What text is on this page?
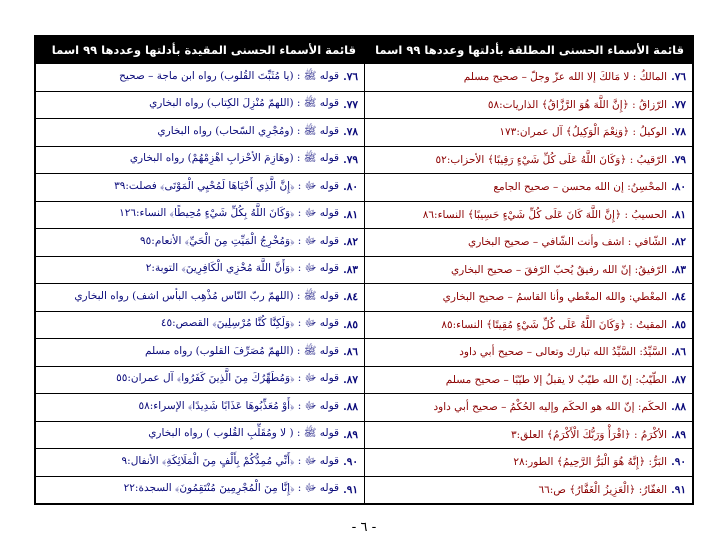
قائمة الأسماء الحسنى المطلقة بأدلتها وعددها ٩٩ اسما
٧٦.
المالكُ : لا مَالكَ إلا الله عزّ وجلّ – صحيح مسلم
٧٧.
الرّزاقُ : ﴿إِنَّ اللَّهَ هُوَ الرَّزَّاقُ﴾ الذاريات:٥٨
٧٨.
الوكيلُ : ﴿وَنِعْمَ الْوَكِيلُ﴾ آل عمران:١٧٣
٧٩.
الرّقيبُ : ﴿وَكَانَ اللَّهُ عَلَى كُلِّ شَيْءٍ رَقِيبًا﴾ الأحزاب:٥٢
٨٠.
المحْسِنُ: إن الله محسن – صحيح الجامع
٨١.
الحسيبُ : ﴿إِنَّ اللَّهَ كَانَ عَلَى كُلِّ شَيْءٍ حَسِيبًا﴾ النساء:٨٦
٨٢.
الشّافي : اشف وأنت الشّافي – صحيح البخاري
٨٣.
الرّفيقُ: إنّ الله رفيقٌ يُحبّ الرّفقَ – صحيح البخاري
٨٤.
المعْطي: والله المعْطي وأنا القاسمُ – صحيح البخاري
٨٥.
المقيتُ : ﴿وَكَانَ اللَّهُ عَلَى كُلِّ شَيْءٍ مُقِيتًا﴾ النساء:٨٥
٨٦.
السَّيِّدُ: السَّيِّدُ الله تبارك وتعالى – صحيح أبي داود
٨٧.
الطّيّبُ: إنّ الله طيّبٌ لا يقبلُ إلا طيّبًا – صحيح مسلم
٨٨.
الحكَم: إنّ الله هو الحكَم وإليه الحُكْمُ – صحيح أبي داود
٨٩.
الأكْرَمُ : ﴿اقْرَأْ وَرَبُّكَ الْأَكْرَمُ﴾ العلق:٣
٩٠.
البَرُّ: ﴿إِنَّهُ هُوَ الْبَرُّ الرَّحِيمُ﴾ الطور:٢٨
٩١.
الغفّارُ: ﴿الْعَزِيزُ الْغَفَّارُ﴾ ص:٦٦
قائمة الأسماء الحسنى المقيدة بأدلتها وعددها ٩٩ اسما
٧٦.
قوله ﷺ : (يا مُثَبِّتَ القُلوب) رواه ابن ماجة – صحيح
٧٧.
قوله ﷺ : (اللهمّ مُنْزِلَ الكِتاب) رواه البخاري
٧٨.
قوله ﷺ : (ومُجْرِي السّحاب) رواه البخاري
٧٩.
قوله ﷺ : (وهَازِمَ الأحْزابِ اهْزِمْهُمْ) رواه البخاري
٨٠.
قوله ﷻ : ﴿إِنَّ الَّذِي أَحْيَاهَا لَمُحْيِي الْمَوْتَى﴾ فصلت:٣٩
٨١.
قوله ﷻ : ﴿وَكَانَ اللَّهُ بِكُلِّ شَيْءٍ مُحِيطًا﴾ النساء:١٢٦
٨٢.
قوله ﷻ : ﴿وَمُخْرِجُ الْمَيِّتِ مِنَ الْحَيِّ﴾ الأنعام:٩٥
٨٣.
قوله ﷻ : ﴿وَأَنَّ اللَّهَ مُخْزِي الْكَافِرِينَ﴾ التوبة:٢
٨٤.
قوله ﷺ : (اللهمّ ربّ النّاس مُذْهِب البأس اشف) رواه البخاري
٨٥.
قوله ﷻ : ﴿وَلَكِنَّا كُنَّا مُرْسِلِينَ﴾ القصص:٤٥
٨٦.
قوله ﷺ : (اللهمّ مُصَرِّفَ القلوب) رواه مسلم
٨٧.
قوله ﷻ : ﴿وَمُطَهِّرُكَ مِنَ الَّذِينَ كَفَرُوا﴾ آل عمران:٥٥
٨٨.
قوله ﷻ : ﴿أَوْ مُعَذِّبُوهَا عَذَابًا شَدِيدًا﴾ الإسراء:٥٨
٨٩.
قوله ﷺ : ( لا ومُقَلِّبِ القُلوب ) رواه البخاري
٩٠.
قوله ﷻ : ﴿أَنِّي مُمِدُّكُمْ بِأَلْفٍ مِنَ الْمَلَائِكَةِ﴾ الأنفال:٩
٩١.
قوله ﷻ : ﴿إِنَّا مِنَ الْمُجْرِمِينَ مُنْتَقِمُونَ﴾ السجدة:٢٢
- ٦ -
